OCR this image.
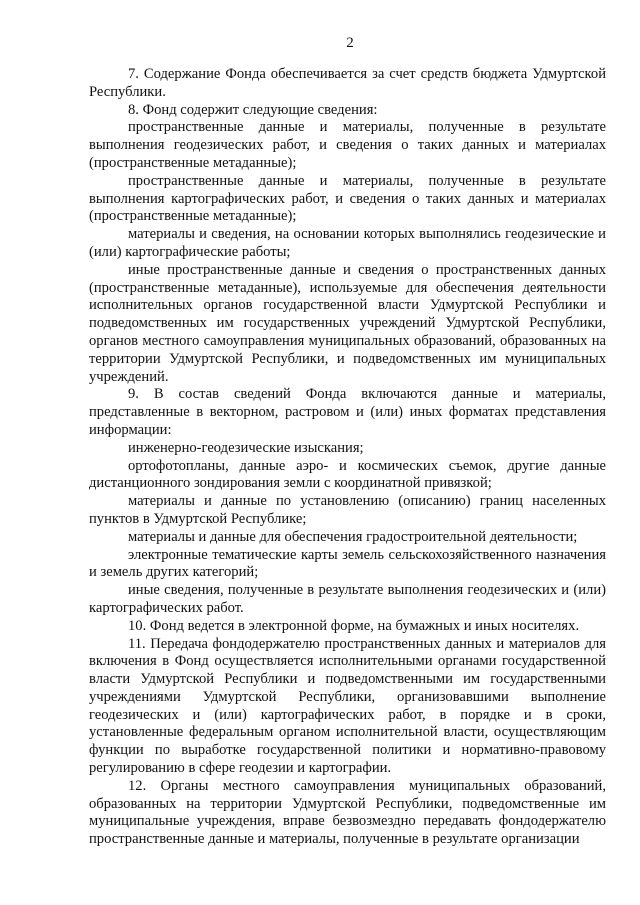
2

7. Содержание Фонда обеспечивается за счет средств бюджета Удмуртской Республики.

8. Фонд содержит следующие сведения:

пространственные данные и материалы, полученные в результате выполнения геодезических работ, и сведения о таких данных и материалах (пространственные метаданные);

пространственные данные и материалы, полученные в результате выполнения картографических работ, и сведения о таких данных и материалах (пространственные метаданные);

материалы и сведения, на основании которых выполнялись геодезические и (или) картографические работы;

иные пространственные данные и сведения о пространственных данных (пространственные метаданные), используемые для обеспечения деятельности исполнительных органов государственной власти Удмуртской Республики и подведомственных им государственных учреждений Удмуртской Республики, органов местного самоуправления муниципальных образований, образованных на территории Удмуртской Республики, и подведомственных им муниципальных учреждений.

9. В состав сведений Фонда включаются данные и материалы, представленные в векторном, растровом и (или) иных форматах представления информации:

инженерно-геодезические изыскания;

ортофотопланы, данные аэро- и космических съемок, другие данные дистанционного зондирования земли с координатной привязкой;

материалы и данные по установлению (описанию) границ населенных пунктов в Удмуртской Республике;

материалы и данные для обеспечения градостроительной деятельности;

электронные тематические карты земель сельскохозяйственного назначения и земель других категорий;

иные сведения, полученные в результате выполнения геодезических и (или) картографических работ.

10. Фонд ведется в электронной форме, на бумажных и иных носителях.

11. Передача фондодержателю пространственных данных и материалов для включения в Фонд осуществляется исполнительными органами государственной власти Удмуртской Республики и подведомственными им государственными учреждениями Удмуртской Республики, организовавшими выполнение геодезических и (или) картографических работ, в порядке и в сроки, установленные федеральным органом исполнительной власти, осуществляющим функции по выработке государственной политики и нормативно-правовому регулированию в сфере геодезии и картографии.

12. Органы местного самоуправления муниципальных образований, образованных на территории Удмуртской Республики, подведомственные им муниципальные учреждения, вправе безвозмездно передавать фондодержателю пространственные данные и материалы, полученные в результате организации
